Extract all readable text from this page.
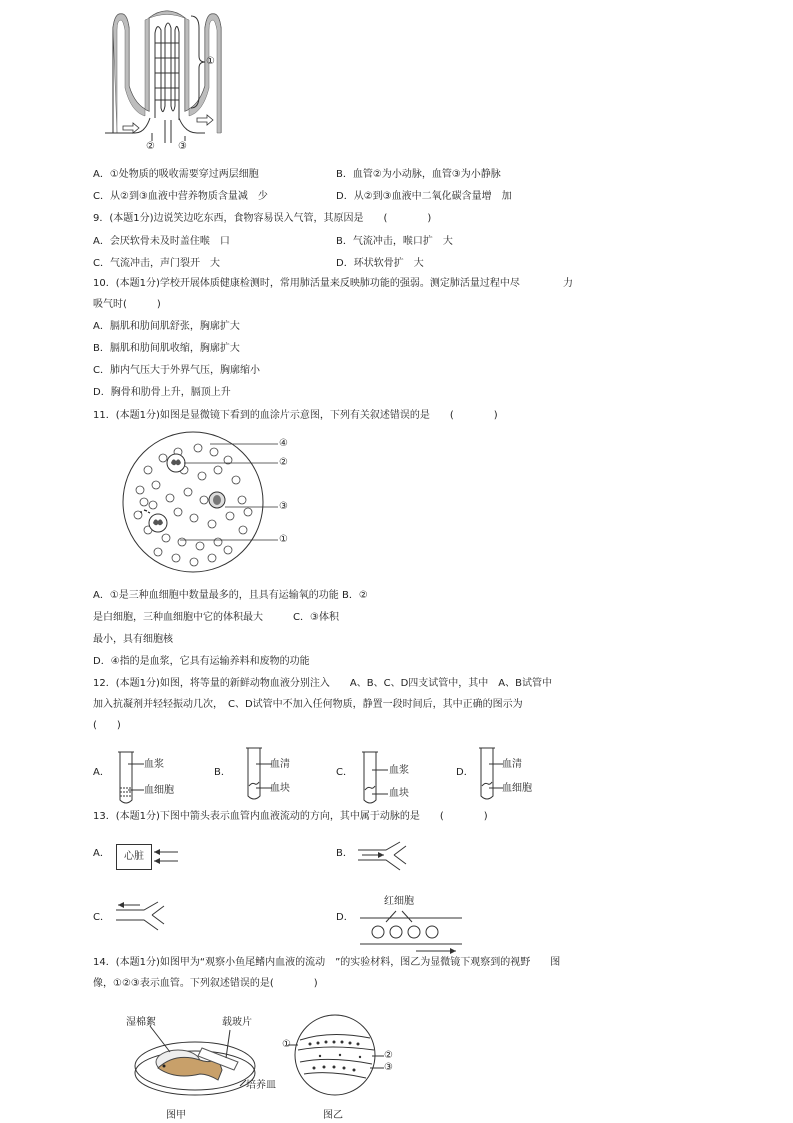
①
② ③
A．①处物质的吸收需要穿过两层细胞	B．血管②为小动脉，血管③为小静脉
C．从②到③血液中营养物质含量减　少	D．从②到③血液中二氧化碳含量增　加
9．(本题1分)边说笑边吃东西，食物容易误入气管，其原因是　　(　　　　)
A．会厌软骨未及时盖住喉　口	B．气流冲击，喉口扩　大
C．气流冲击，声门裂开　大	D．环状软骨扩　大
10．(本题1分)学校开展体质健康检测时，常用肺活量来反映肺功能的强弱。测定肺活量过程中尽	力
吸气时(　　　)
A．膈肌和肋间肌舒张，胸廓扩大
B．膈肌和肋间肌收缩，胸廓扩大
C．肺内气压大于外界气压，胸廓缩小
D．胸骨和肋骨上升，膈顶上升
11．(本题1分)如图是显微镜下看到的血涂片示意图，下列有关叙述错误的是　　(　　　　)
④
②
③
①
A．①是三种血细胞中数量最多的，且具有运输氧的功能 B．②
是白细胞，三种血细胞中它的体积最大　　　C．③体积
最小，具有细胞核
D．④指的是血浆，它具有运输养料和废物的功能
12．(本题1分)如图，将等量的新鲜动物血液分别注入　　A、B、C、D四支试管中，其中　A、B试管中
加入抗凝剂并轻轻振动几次，　C、D试管中不加入任何物质，静置一段时间后，其中正确的图示为
(　　)
A．
血浆
血细胞
B．
血清
血块
C．	血浆
血块
D．
血清
血细胞
13．(本题1分)下图中箭头表示血管内血液流动的方向，其中属于动脉的是　　(　　　　)
A．	心脏	B．
C．	D．
红细胞
14．(本题1分)如图甲为“观察小鱼尾鳍内血液的流动　”的实验材料，图乙为显微镜下观察到的视野　　图
像，①②③表示血管。下列叙述错误的是(　　　　)
湿棉絮	载玻片
培养皿
图甲
①
②
③
图乙
